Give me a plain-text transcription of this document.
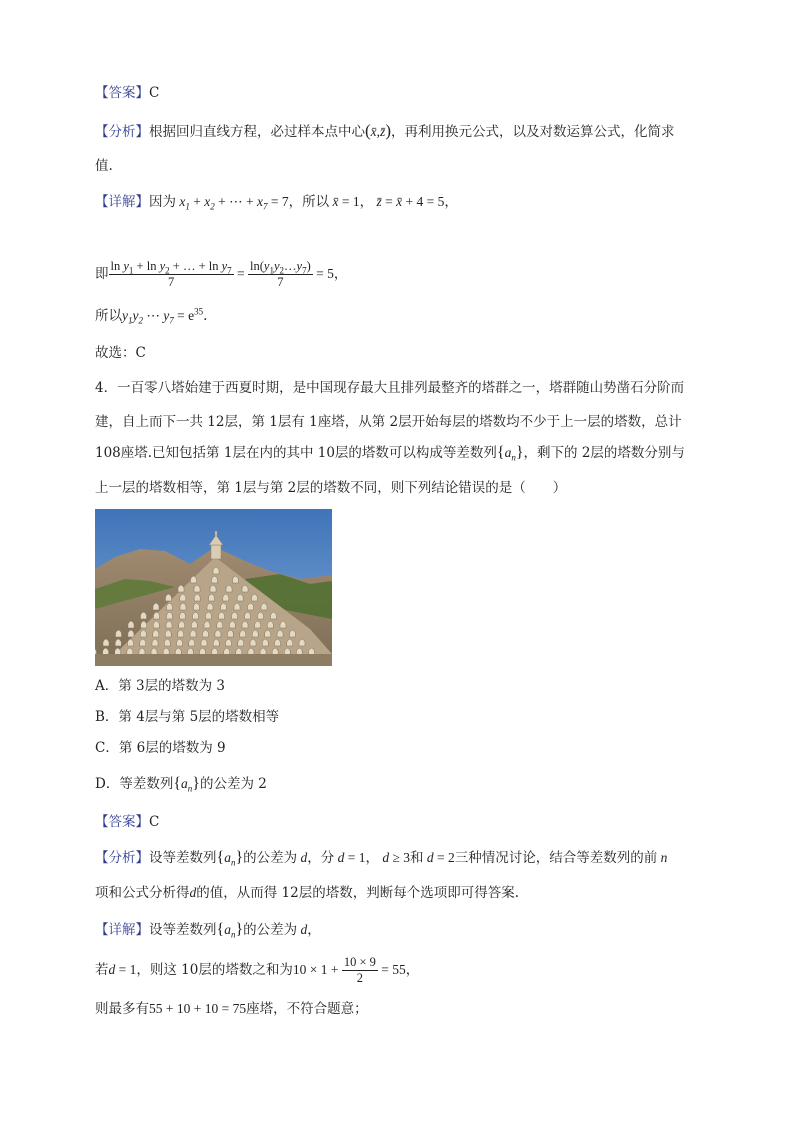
【答案】C
【分析】根据回归直线方程，必过样本点中心(x̄,z̄)，再利用换元公式，以及对数运算公式，化简求
值.
【详解】因为 $x_1 + x_2$ + ⋯ + $x_7 = 7$，所以 x̄ = 1， z̄ = x̄ + 4 = 5，
即 $\frac{\ln y_1 + \ln y_2 + \dots + \ln y_7}{7} = \frac{\ln(y_1y_2\dots y_7)}{7} = 5$，
所以$y_1y_2$ ⋯ $y_7 = e^{35}$.
故选：C
4．一百零八塔始建于西夏时期，是中国现存最大且排列最整齐的塔群之一，塔群随山势凿石分阶而
建，自上而下一共 12层，第 1层有 1座塔，从第 2层开始每层的塔数均不少于上一层的塔数，总计
108座塔.已知包括第 1层在内的其中 10层的塔数可以构成等差数列$\{a_n\}$，剩下的 2层的塔数分别与
上一层的塔数相等，第 1层与第 2层的塔数不同，则下列结论错误的是（　　）
A．第 3层的塔数为 3
B．第 4层与第 5层的塔数相等
C．第 6层的塔数为 9
D．等差数列$\{a_n\}$的公差为 2
【答案】C
【分析】设等差数列$\{a_n\}$的公差为 d，分 d = 1， d ≥ 3和 d = 2三种情况讨论，结合等差数列的前 n
项和公式分析得d的值，从而得 12层的塔数，判断每个选项即可得答案.
【详解】设等差数列$\{a_n\}$的公差为 d，
若d = 1，则这 10层的塔数之和为$10 \times 1 + \frac{10 \times 9}{2} = 55$，
则最多有55 + 10 + 10 = 75座塔，不符合题意；
